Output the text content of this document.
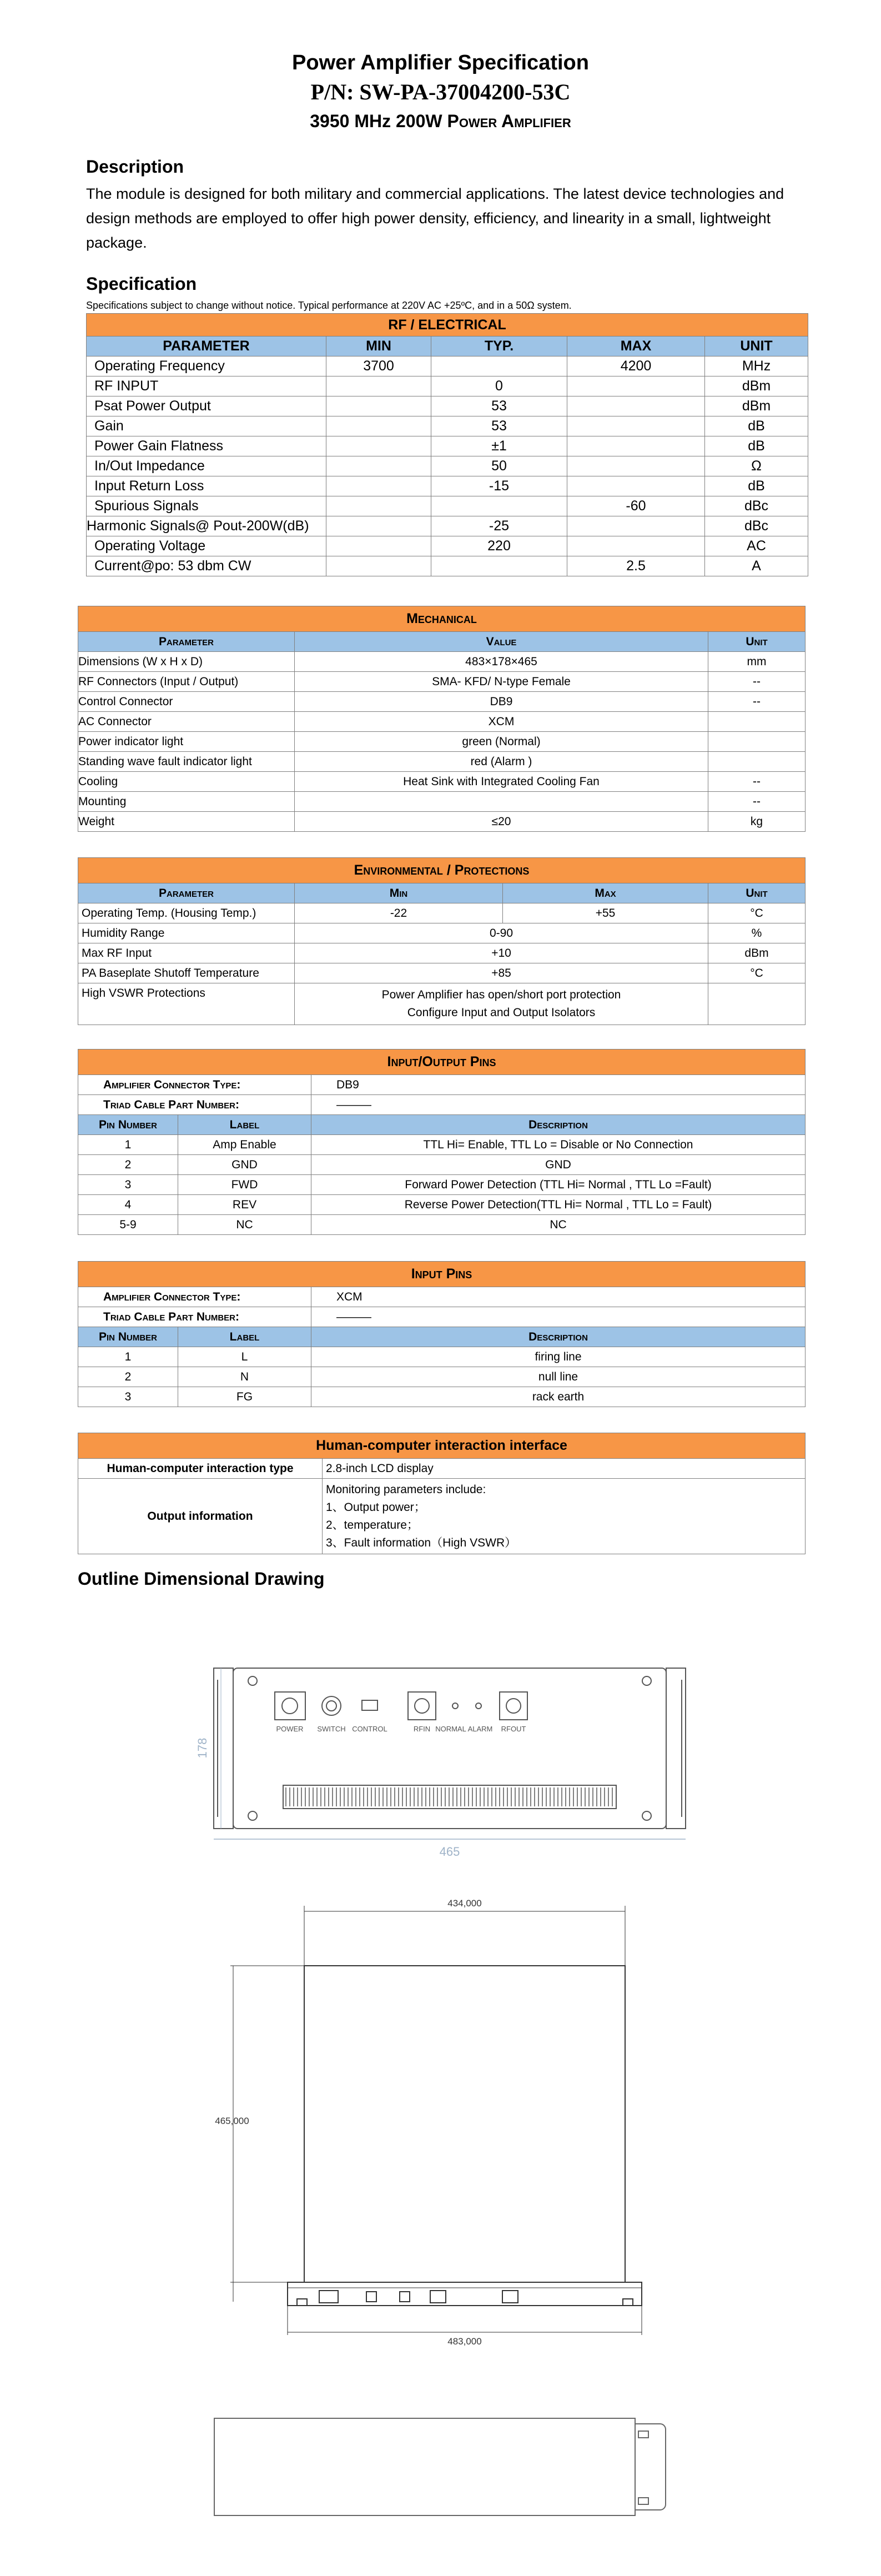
Power Amplifier Specification
P/N: SW-PA-37004200-53C
3950 MHz 200W Power Amplifier
Description
The module is designed for both military and commercial applications. The latest device technologies and design methods are employed to offer high power density, efficiency, and linearity in a small, lightweight package.
Specification
Specifications subject to change without notice. Typical performance at 220V AC +25ºC, and in a 50Ω system.
RF / ELECTRICAL				
PARAMETER	MIN	TYP.	MAX	UNIT
Operating Frequency	3700		4200	MHz
RF INPUT		0		dBm
Psat Power Output		53		dBm
Gain		53		dB
Power Gain Flatness		±1		dB
In/Out Impedance		50		Ω
Input Return Loss		-15		dB
Spurious Signals			-60	dBc
Harmonic Signals@ Pout-200W(dB)		-25		dBc
Operating Voltage		220		AC
Current@po: 53 dbm CW			2.5	A
Mechanical		
Parameter	Value	Unit
Dimensions (W x H x D)	483×178×465	mm
RF Connectors (Input / Output)	SMA- KFD/ N-type Female	--
Control Connector	DB9	--
AC Connector	XCM	
Power indicator light	green (Normal)	
Standing wave fault indicator light	red (Alarm )	
Cooling	Heat Sink with Integrated Cooling Fan	--
Mounting		--
Weight	≤20	kg
Environmental / Protections			
Parameter	Min	Max	Unit
Operating Temp. (Housing Temp.)	-22	+55	°C
Humidity Range	0-90		%
Max RF Input	+10		dBm
PA Baseplate Shutoff Temperature	+85		°C
High VSWR Protections	Power Amplifier has open/short port protection
Configure Input and Output Isolators		

Input/Output Pins		
Amplifier Connector Type:		DB9
Triad Cable Part Number:		———
Pin Number	Label	Description
1	Amp Enable	TTL Hi= Enable, TTL Lo = Disable or No Connection
2	GND	GND
3	FWD	Forward Power Detection (TTL Hi= Normal , TTL Lo =Fault)
4	REV	Reverse Power Detection(TTL Hi= Normal , TTL Lo = Fault)
5-9	NC	NC
Input Pins		
Amplifier Connector Type:		XCM
Triad Cable Part Number:		———
Pin Number	Label	Description
1	L	firing line
2	N	null line
3	FG	rack earth
Human-computer interaction interface	
Human-computer interaction type	2.8-inch LCD display
Output information	Monitoring parameters include:
1、Output power；
2、temperature；
3、Fault information（High VSWR）
Outline Dimensional Drawing
POWER SWITCH CONTROL	RFIN NORMAL ALARM RFOUT
178
465
434,000
465,000
483,000
